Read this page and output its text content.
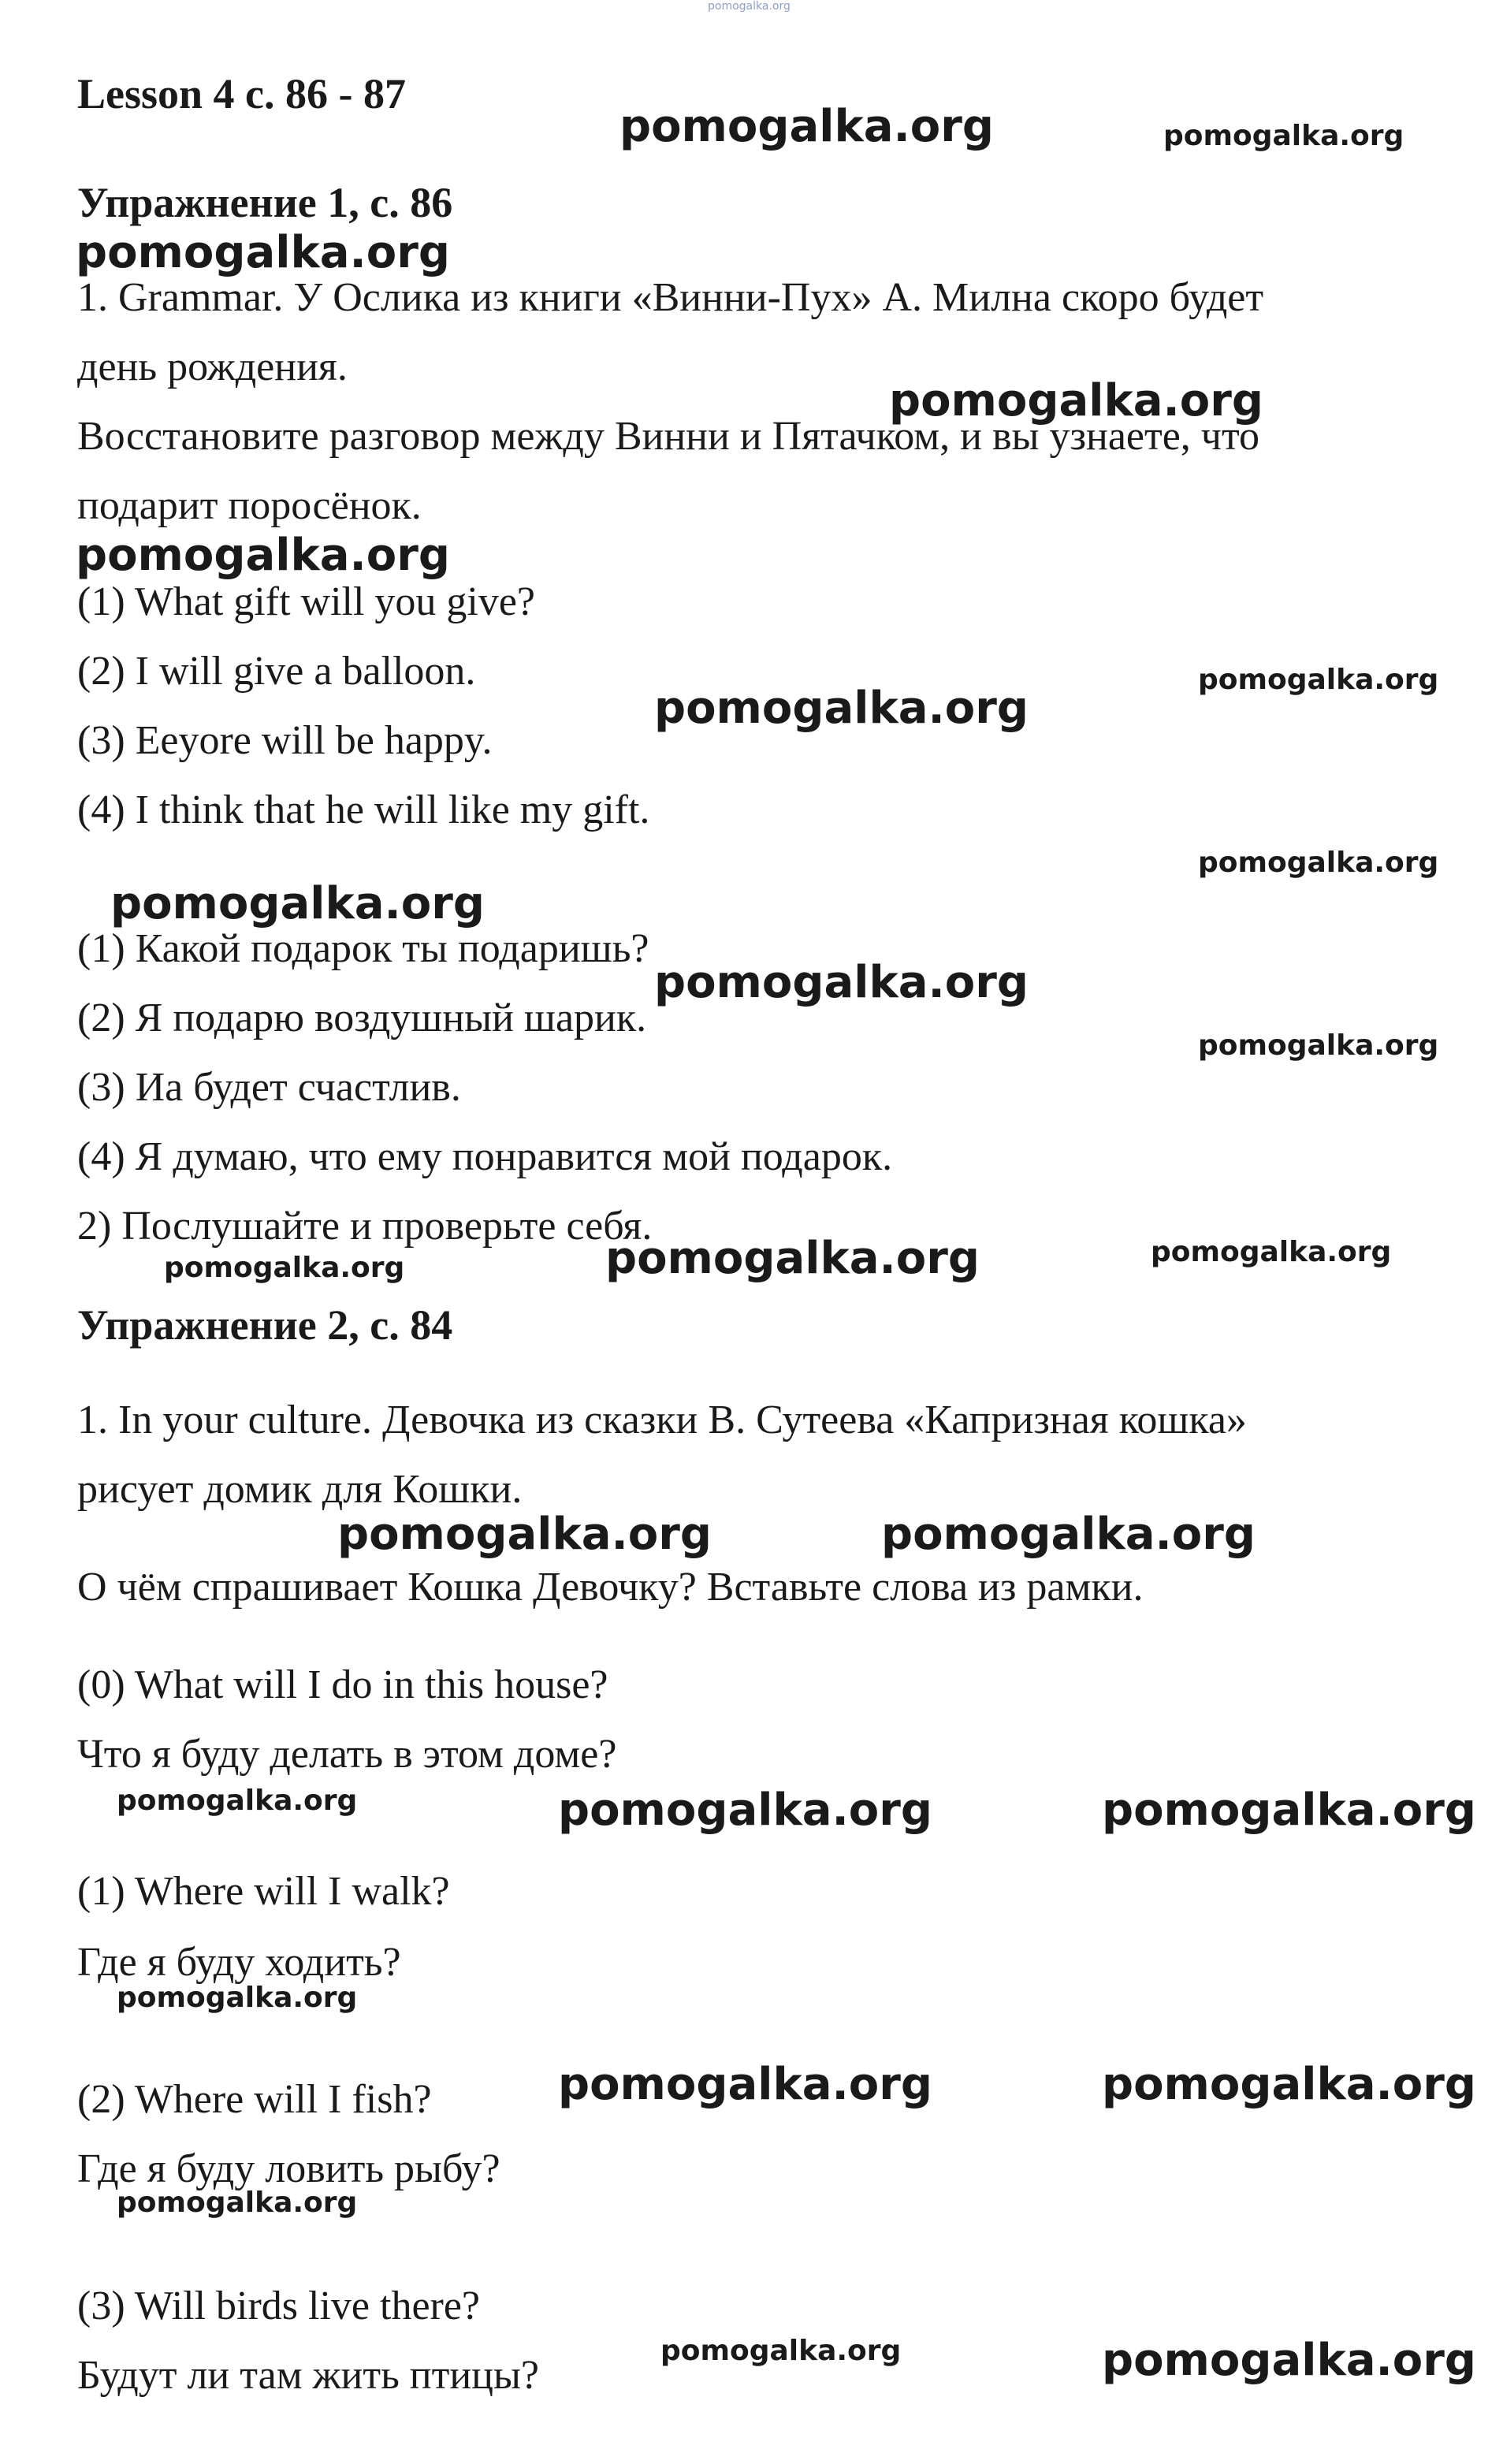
pomogalka.org

Lesson 4 с. 86 - 87

pomogalka.org	pomogalka.org

Упражнение 1, с. 86

pomogalka.org

1. Grammar. У Ослика из книги «Винни-Пух» А. Милна скоро будет

день рождения.

pomogalka.org

Восстановите разговор между Винни и Пятачком, и вы узнаете, что

подарит поросёнок.

pomogalka.org

(1) What gift will you give?

(2) I will give a balloon.	pomogalka.org
pomogalka.org

(3) Eeyore will be happy.

(4) I think that he will like my gift.

pomogalka.org
pomogalka.org

(1) Какой подарок ты подаришь?

pomogalka.org

(2) Я подарю воздушный шарик.

pomogalka.org

(3) Иа будет счастлив.

(4) Я думаю, что ему понравится мой подарок.

2) Послушайте и проверьте себя.

pomogalka.org	pomogalka.org
pomogalka.org

Упражнение 2, с. 84

1. In your culture. Девочка из сказки В. Сутеева «Капризная кошка»

рисует домик для Кошки.

pomogalka.org	pomogalka.org

О чём спрашивает Кошка Девочку? Вставьте слова из рамки.

(0) What will I do in this house?

Что я буду делать в этом доме?

pomogalka.org	pomogalka.org	pomogalka.org

(1) Where will I walk?

Где я буду ходить?

pomogalka.org

(2) Where will I fish?	pomogalka.org	pomogalka.org

Где я буду ловить рыбу?

pomogalka.org

(3) Will birds live there?

pomogalka.org	pomogalka.org

Будут ли там жить птицы?
